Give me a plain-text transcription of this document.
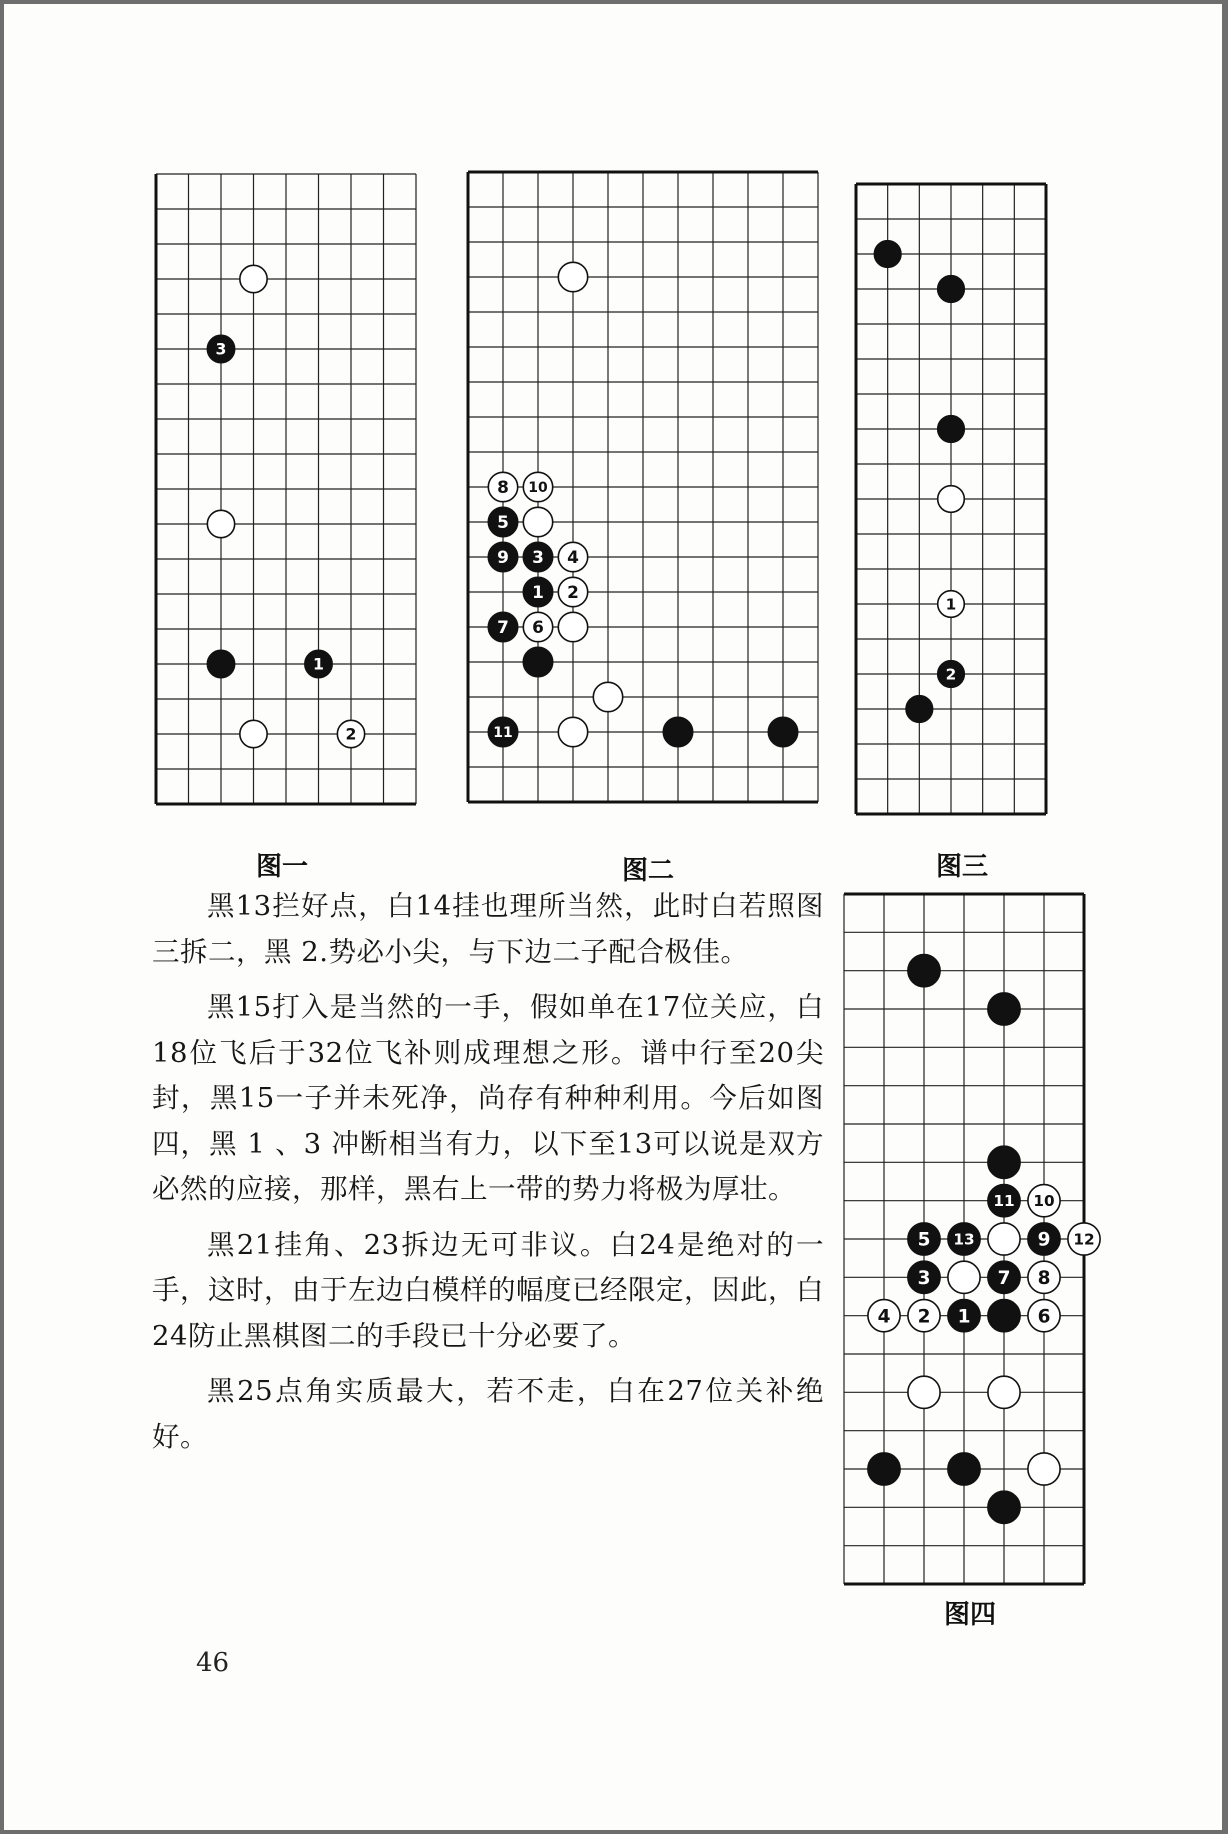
3
1
2
8 10
5
9 3 4
1 2
7 6
11
1
2
11 10
5 13	9 12
3	7 8
4 2 1	6
图一	图二	图三
图四

黑13拦好点，白14挂也理所当然，此时白若照图三拆二，黑 2.势必小尖，与下边二子配合极佳。

黑15打入是当然的一手，假如单在17位关应，白18位飞后于32位飞补则成理想之形。谱中行至20尖封，黑15一子并未死净，尚存有种种利用。今后如图四，黑 1 、3 冲断相当有力，以下至13可以说是双方必然的应接，那样，黑右上一带的势力将极为厚壮。

黑21挂角、23拆边无可非议。白24是绝对的一手，这时，由于左边白模样的幅度已经限定，因此，白24防止黑棋图二的手段已十分必要了。

黑25点角实质最大，若不走，白在27位关补绝好。

46
